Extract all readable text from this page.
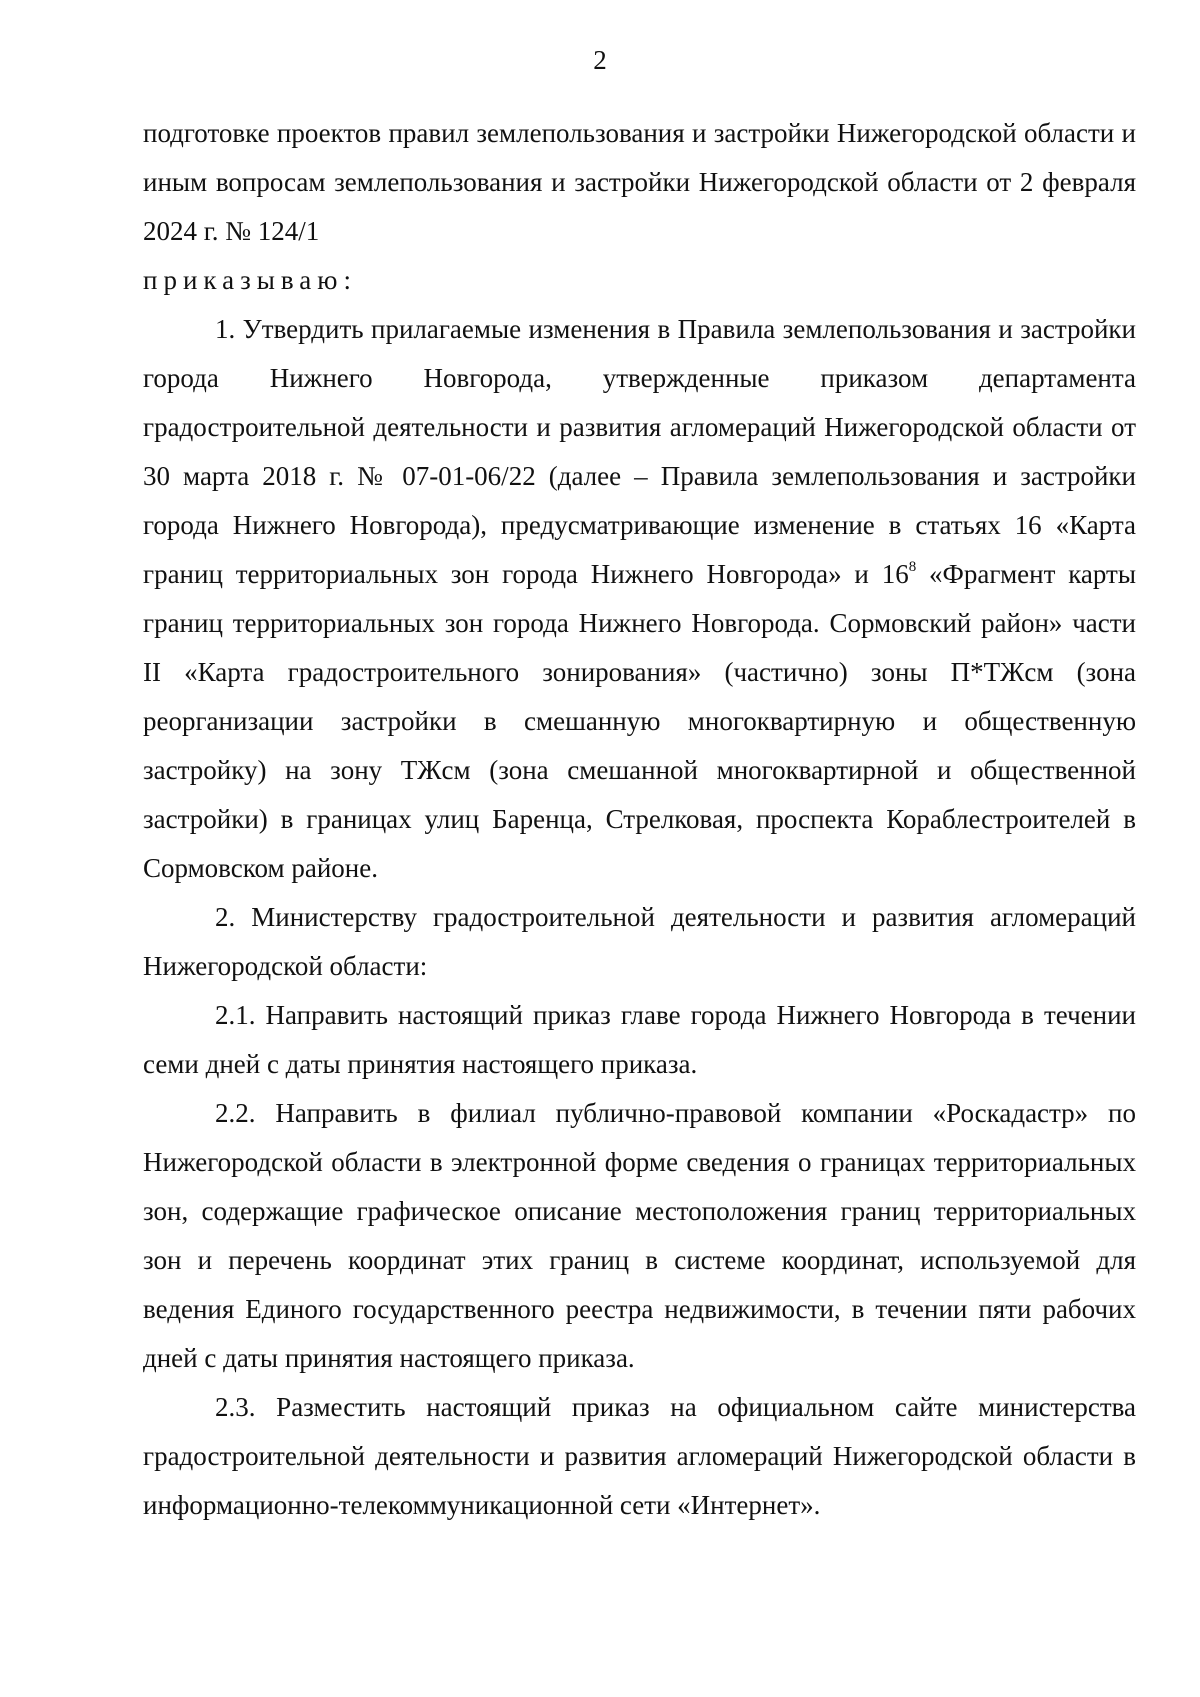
2

подготовке проектов правил землепользования и застройки Нижегородской области и иным вопросам землепользования и застройки Нижегородской области от 2 февраля 2024 г. № 124/1

приказываю:

1. Утвердить прилагаемые изменения в Правила землепользования и застройки города Нижнего Новгорода, утвержденные приказом департамента градостроительной деятельности и развития агломераций Нижегородской области от 30 марта 2018 г. № 07-01-06/22 (далее – Правила землепользования и застройки города Нижнего Новгорода), предусматривающие изменение в статьях 16 «Карта границ территориальных зон города Нижнего Новгорода» и $16^8$ «Фрагмент карты границ территориальных зон города Нижнего Новгорода. Сормовский район» части II «Карта градостроительного зонирования» (частично) зоны П*ТЖсм (зона реорганизации застройки в смешанную многоквартирную и общественную застройку) на зону ТЖсм (зона смешанной многоквартирной и общественной застройки) в границах улиц Баренца, Стрелковая, проспекта Кораблестроителей в Сормовском районе.

2. Министерству градостроительной деятельности и развития агломераций Нижегородской области:

2.1. Направить настоящий приказ главе города Нижнего Новгорода в течении семи дней с даты принятия настоящего приказа.

2.2. Направить в филиал публично-правовой компании «Роскадастр» по Нижегородской области в электронной форме сведения о границах территориальных зон, содержащие графическое описание местоположения границ территориальных зон и перечень координат этих границ в системе координат, используемой для ведения Единого государственного реестра недвижимости, в течении пяти рабочих дней с даты принятия настоящего приказа.

2.3. Разместить настоящий приказ на официальном сайте министерства градостроительной деятельности и развития агломераций Нижегородской области в информационно-телекоммуникационной сети «Интернет».
